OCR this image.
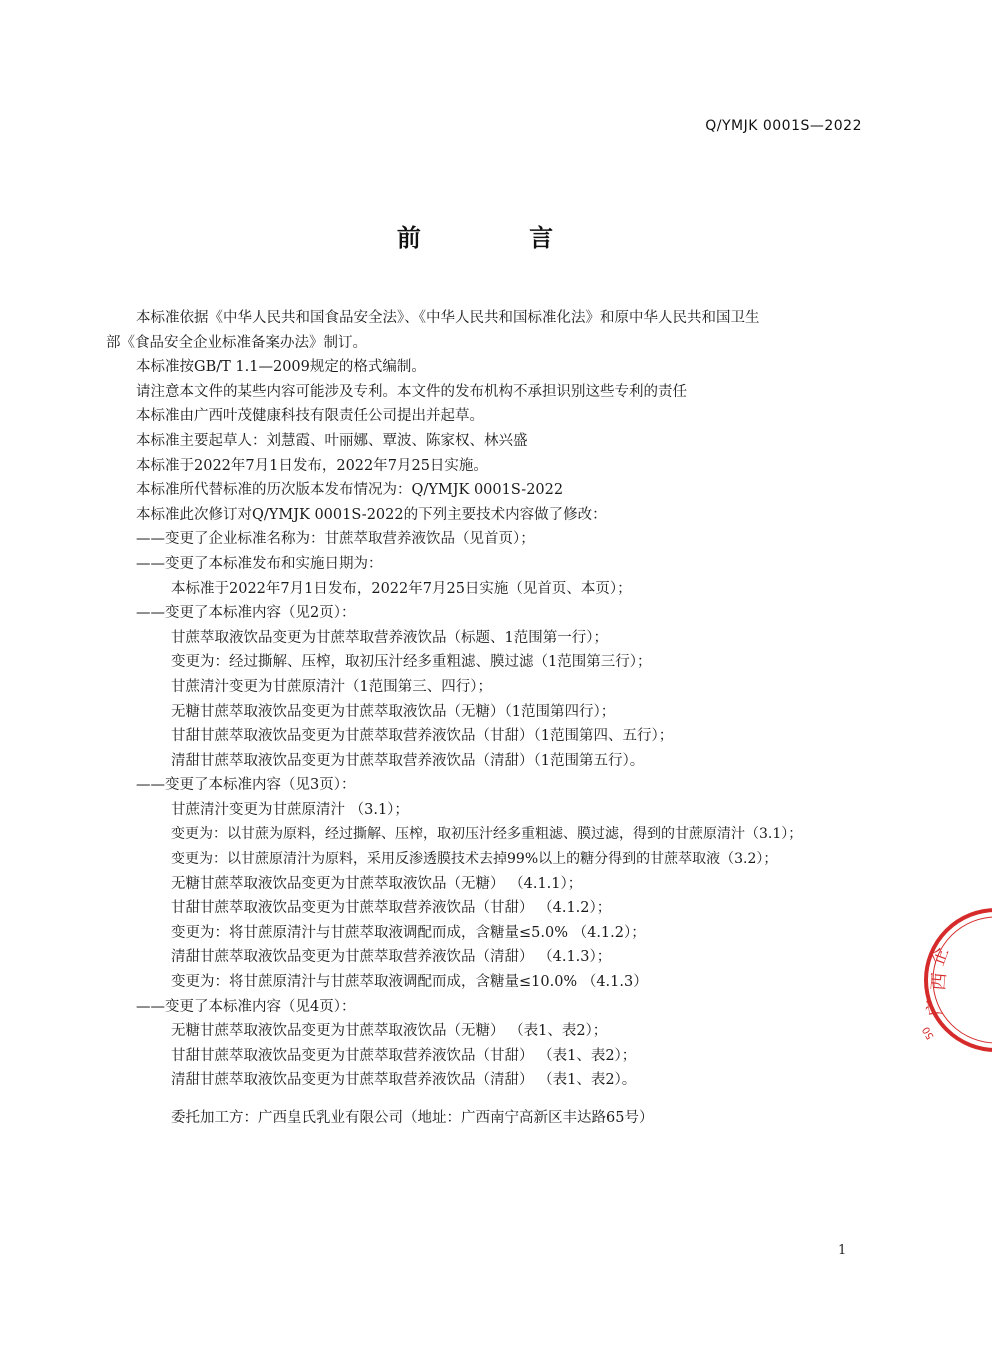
Q/YMJK 0001S—2022
前 言
本标准依据《中华人民共和国食品安全法》、《中华人民共和国标准化法》和原中华人民共和国卫生
部《食品安全企业标准备案办法》制订。
本标准按GB/T 1.1—2009规定的格式编制。
请注意本文件的某些内容可能涉及专利。本文件的发布机构不承担识别这些专利的责任
本标准由广西叶茂健康科技有限责任公司提出并起草。
本标准主要起草人：刘慧霞、叶丽娜、覃波、陈家权、林兴盛
本标准于2022年7月1日发布，2022年7月25日实施。
本标准所代替标准的历次版本发布情况为：Q/YMJK 0001S-2022
本标准此次修订对Q/YMJK 0001S-2022的下列主要技术内容做了修改：
——变更了企业标准名称为：甘蔗萃取营养液饮品（见首页）；
——变更了本标准发布和实施日期为：
本标准于2022年7月1日发布，2022年7月25日实施（见首页、本页）；
——变更了本标准内容（见2页）：
甘蔗萃取液饮品变更为甘蔗萃取营养液饮品（标题、1范围第一行）；
变更为：经过撕解、压榨，取初压汁经多重粗滤、膜过滤（1范围第三行）；
甘蔗清汁变更为甘蔗原清汁（1范围第三、四行）；
无糖甘蔗萃取液饮品变更为甘蔗萃取液饮品（无糖）（1范围第四行）；
甘甜甘蔗萃取液饮品变更为甘蔗萃取营养液饮品（甘甜）（1范围第四、五行）；
清甜甘蔗萃取液饮品变更为甘蔗萃取营养液饮品（清甜）（1范围第五行）。
——变更了本标准内容（见3页）：
甘蔗清汁变更为甘蔗原清汁 （3.1）；
变更为：以甘蔗为原料，经过撕解、压榨，取初压汁经多重粗滤、膜过滤，得到的甘蔗原清汁（3.1）；
变更为：以甘蔗原清汁为原料，采用反渗透膜技术去掉99%以上的糖分得到的甘蔗萃取液（3.2）；
无糖甘蔗萃取液饮品变更为甘蔗萃取液饮品（无糖） （4.1.1）；
甘甜甘蔗萃取液饮品变更为甘蔗萃取营养液饮品（甘甜） （4.1.2）；
变更为：将甘蔗原清汁与甘蔗萃取液调配而成，含糖量≤5.0% （4.1.2）；
清甜甘蔗萃取液饮品变更为甘蔗萃取营养液饮品（清甜） （4.1.3）；
变更为：将甘蔗原清汁与甘蔗萃取液调配而成，含糖量≤10.0% （4.1.3）
——变更了本标准内容（见4页）：
无糖甘蔗萃取液饮品变更为甘蔗萃取液饮品（无糖） （表1、表2）；
甘甜甘蔗萃取液饮品变更为甘蔗萃取营养液饮品（甘甜） （表1、表2）；
清甜甘蔗萃取液饮品变更为甘蔗萃取营养液饮品（清甜） （表1、表2）。
委托加工方：广西皇氏乳业有限公司（地址：广西南宁高新区丰达路65号）
1
企
西
广
50
